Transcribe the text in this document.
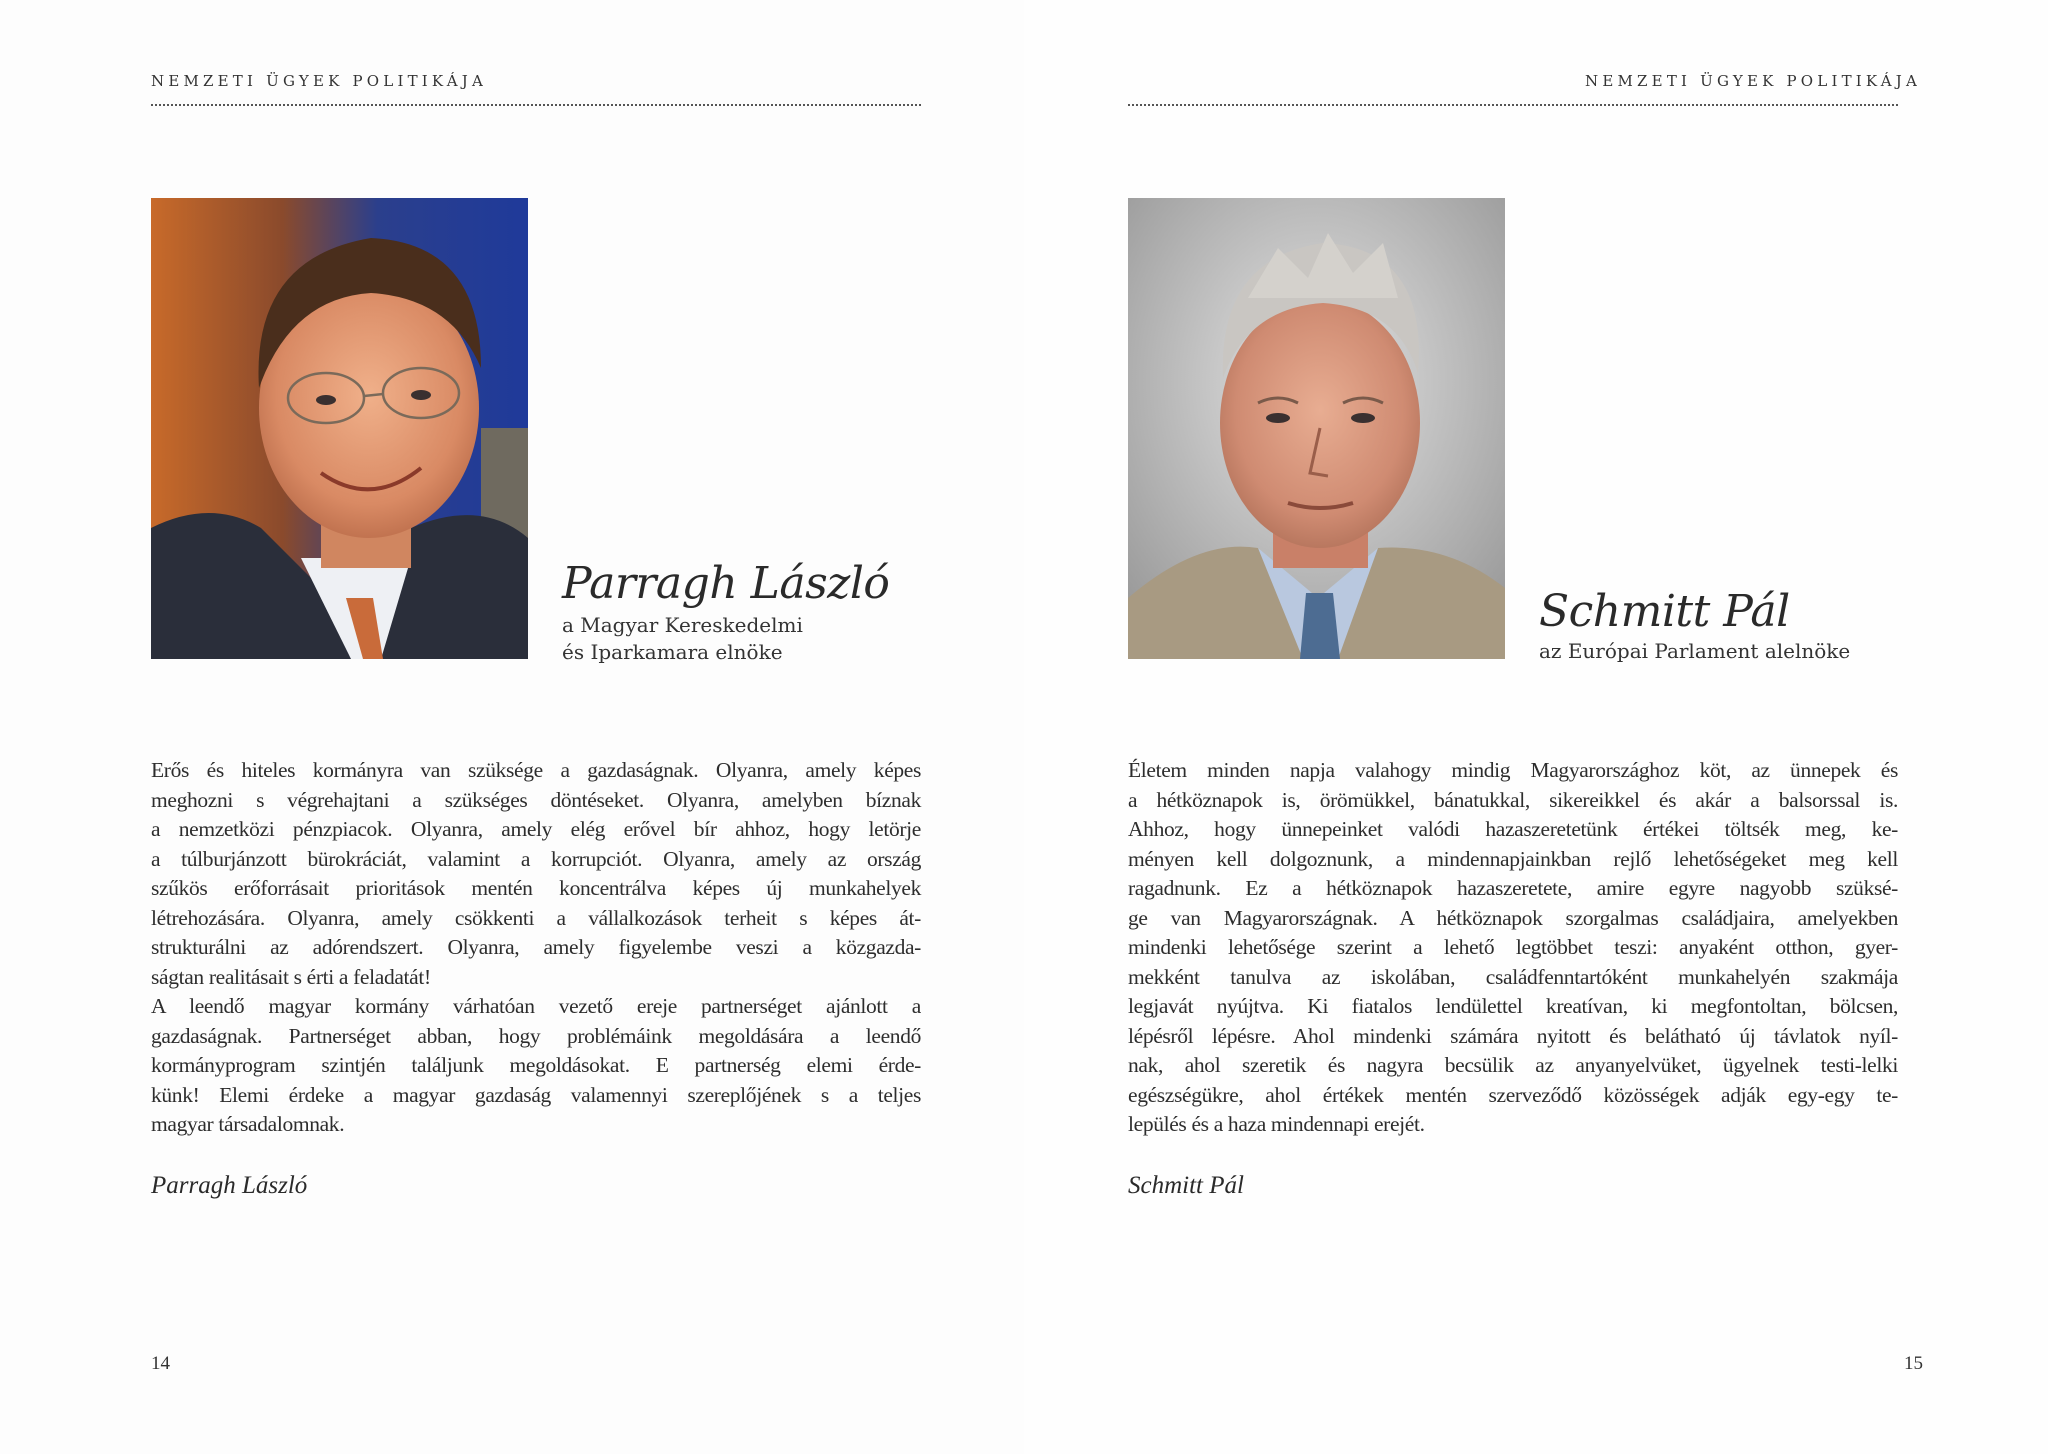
NEMZETI ÜGYEK POLITIKÁJA
Parragh László
a Magyar Kereskedelmi
és Iparkamara elnöke
Erős és hiteles kormányra van szüksége a gazdaságnak. Olyanra, amely képes
meghozni s végrehajtani a szükséges döntéseket. Olyanra, amelyben bíznak
a nemzetközi pénzpiacok. Olyanra, amely elég erővel bír ahhoz, hogy letörje
a túlburjánzott bürokráciát, valamint a korrupciót. Olyanra, amely az ország
szűkös erőforrásait prioritások mentén koncentrálva képes új munkahelyek
létrehozására. Olyanra, amely csökkenti a vállalkozások terheit s képes át-
strukturálni az adórendszert. Olyanra, amely figyelembe veszi a közgazda-
ságtan realitásait s érti a feladatát!
A leendő magyar kormány várhatóan vezető ereje partnerséget ajánlott a
gazdaságnak. Partnerséget abban, hogy problémáink megoldására a leendő
kormányprogram szintjén találjunk megoldásokat. E partnerség elemi érde-
künk! Elemi érdeke a magyar gazdaság valamennyi szereplőjének s a teljes
magyar társadalomnak.
Parragh László
14
NEMZETI ÜGYEK POLITIKÁJA
Schmitt Pál
az Európai Parlament alelnöke
Életem minden napja valahogy mindig Magyarországhoz köt, az ünnepek és
a hétköznapok is, örömükkel, bánatukkal, sikereikkel és akár a balsorssal is.
Ahhoz, hogy ünnepeinket valódi hazaszeretetünk értékei töltsék meg, ke-
ményen kell dolgoznunk, a mindennapjainkban rejlő lehetőségeket meg kell
ragadnunk. Ez a hétköznapok hazaszeretete, amire egyre nagyobb szüksé-
ge van Magyarországnak. A hétköznapok szorgalmas családjaira, amelyekben
mindenki lehetősége szerint a lehető legtöbbet teszi: anyaként otthon, gyer-
mekként tanulva az iskolában, családfenntartóként munkahelyén szakmája
legjavát nyújtva. Ki fiatalos lendülettel kreatívan, ki megfontoltan, bölcsen,
lépésről lépésre. Ahol mindenki számára nyitott és belátható új távlatok nyíl-
nak, ahol szeretik és nagyra becsülik az anyanyelvüket, ügyelnek testi-lelki
egészségükre, ahol értékek mentén szerveződő közösségek adják egy-egy te-
lepülés és a haza mindennapi erejét.
Schmitt Pál
15
